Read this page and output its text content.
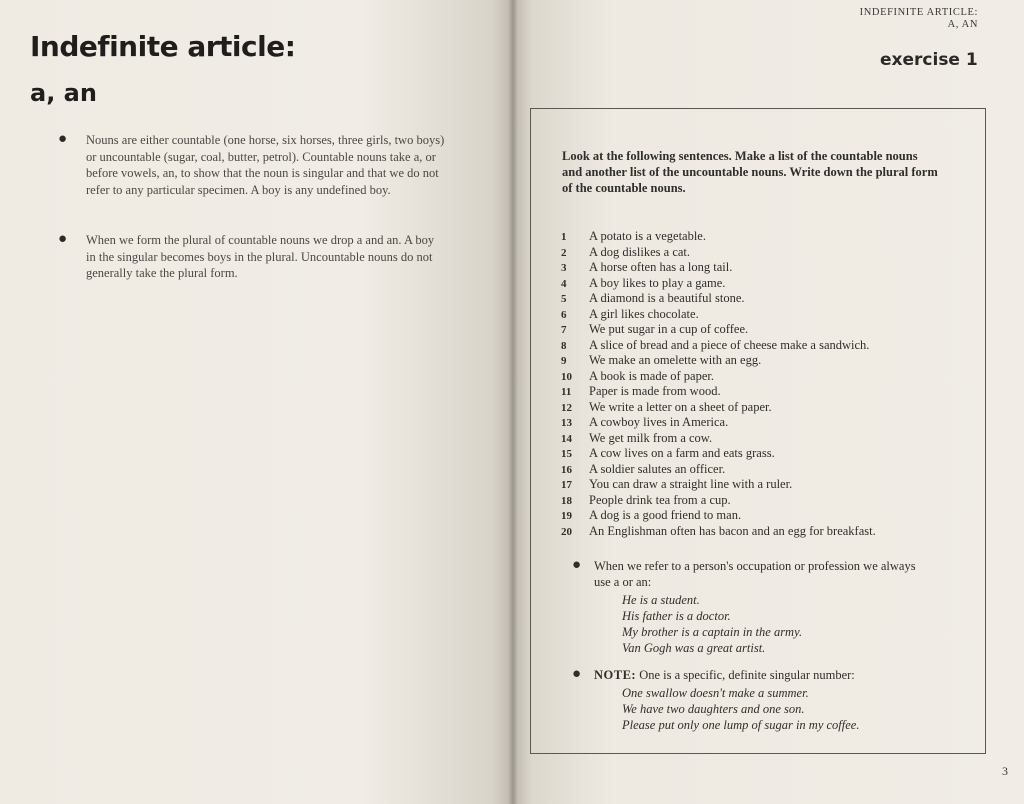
Indefinite article:
a, an
● Nouns are either countable (one horse, six horses, three girls, two boys) or uncountable (sugar, coal, butter, petrol). Countable nouns take a, or before vowels, an, to show that the noun is singular and that we do not refer to any particular specimen. A boy is any undefined boy.

● When we form the plural of countable nouns we drop a and an. A boy in the singular becomes boys in the plural. Uncountable nouns do not generally take the plural form.

INDEFINITE ARTICLE:
A, AN
exercise 1

Look at the following sentences. Make a list of the countable nouns and another list of the uncountable nouns. Write down the plural form of the countable nouns.

1 A potato is a vegetable.
2 A dog dislikes a cat.
3 A horse often has a long tail.
4 A boy likes to play a game.
5 A diamond is a beautiful stone.
6 A girl likes chocolate.
7 We put sugar in a cup of coffee.
8 A slice of bread and a piece of cheese make a sandwich.
9 We make an omelette with an egg.
10 A book is made of paper.
11 Paper is made from wood.
12 We write a letter on a sheet of paper.
13 A cowboy lives in America.
14 We get milk from a cow.
15 A cow lives on a farm and eats grass.
16 A soldier salutes an officer.
17 You can draw a straight line with a ruler.
18 People drink tea from a cup.
19 A dog is a good friend to man.
20 An Englishman often has bacon and an egg for breakfast.
● When we refer to a person's occupation or profession we always use a or an:

He is a student.
His father is a doctor.
My brother is a captain in the army.
Van Gogh was a great artist.
● NOTE: One is a specific, definite singular number:

One swallow doesn't make a summer.
We have two daughters and one son.
Please put only one lump of sugar in my coffee.
3
